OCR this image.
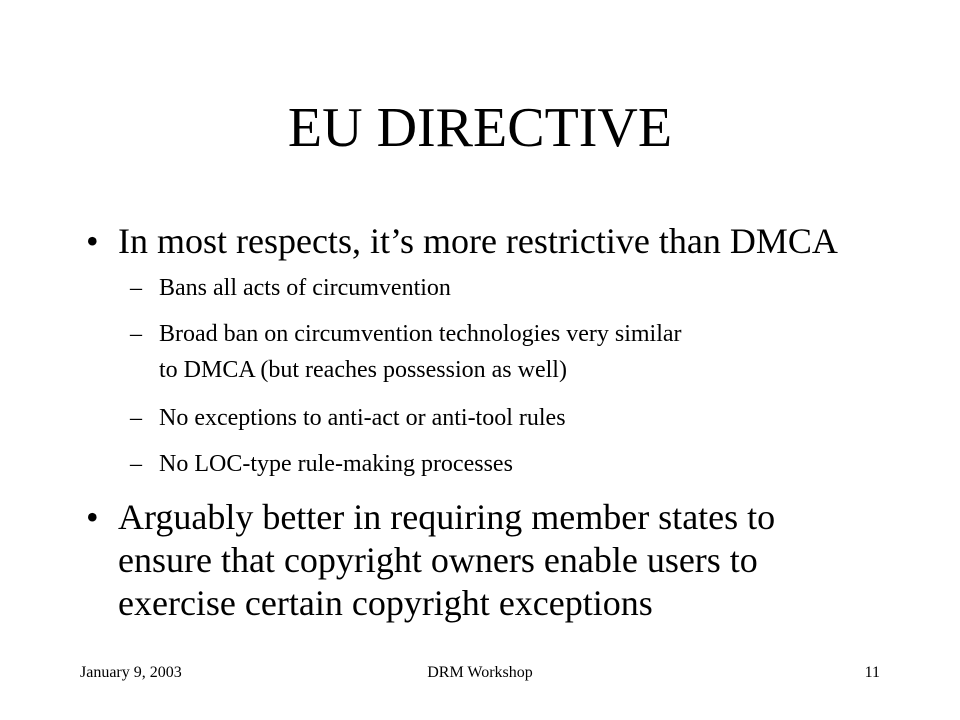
EU DIRECTIVE
• In most respects, it’s more restrictive than DMCA
– Bans all acts of circumvention
– Broad ban on circumvention technologies very similar
to DMCA (but reaches possession as well)
– No exceptions to anti-act or anti-tool rules
– No LOC-type rule-making processes
• Arguably better in requiring member states to
ensure that copyright owners enable users to
exercise certain copyright exceptions
January 9, 2003	DRM Workshop	11
